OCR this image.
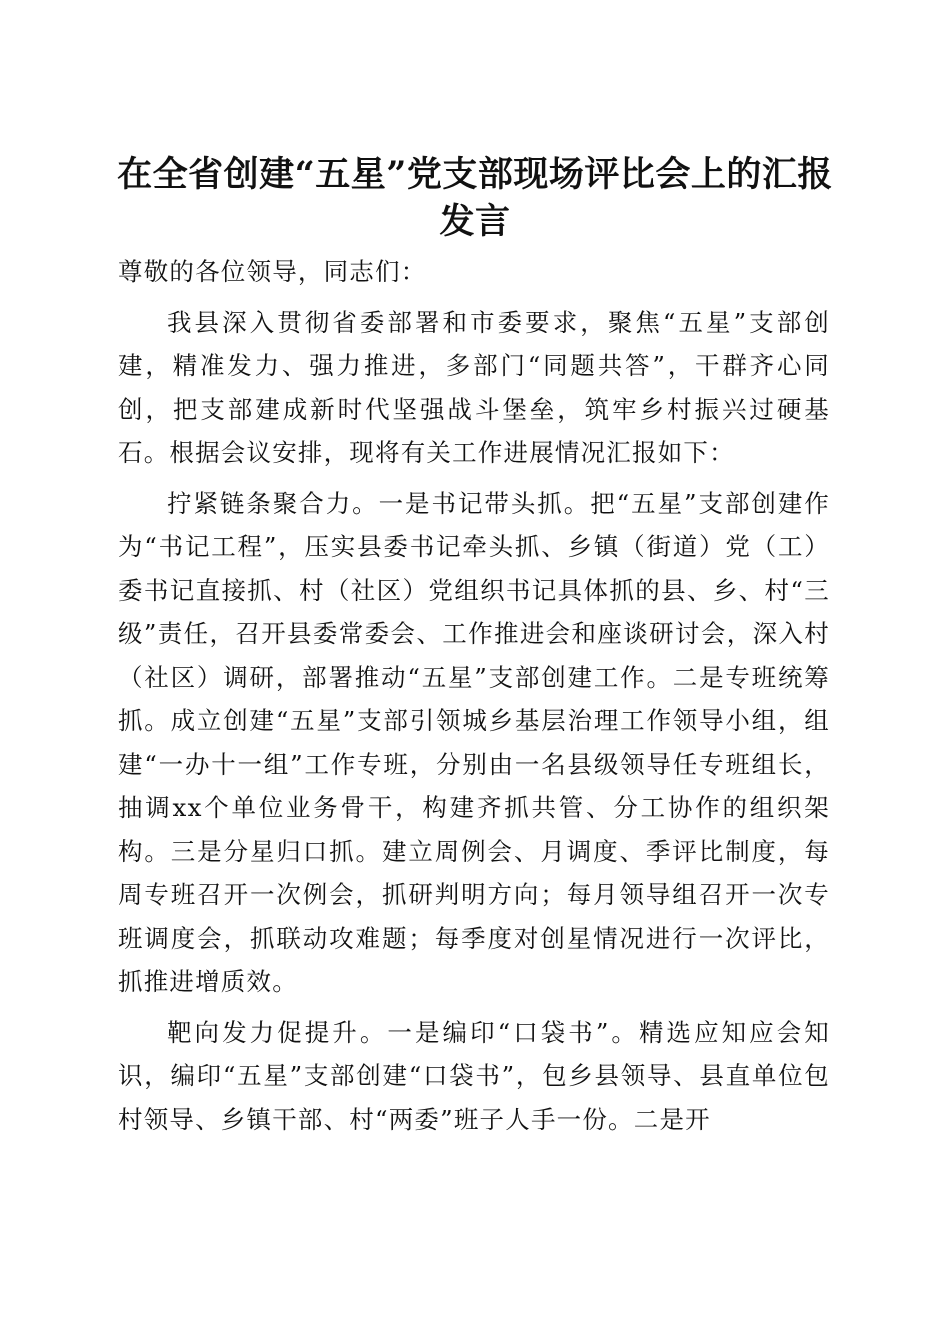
在全省创建“五星”党支部现场评比会上的汇报发言

尊敬的各位领导，同志们：

我县深入贯彻省委部署和市委要求，聚焦“五星”支部创建，精准发力、强力推进，多部门“同题共答”，干群齐心同创，把支部建成新时代坚强战斗堡垒，筑牢乡村振兴过硬基石。根据会议安排，现将有关工作进展情况汇报如下：

拧紧链条聚合力。一是书记带头抓。把“五星”支部创建作为“书记工程”，压实县委书记牵头抓、乡镇（街道）党（工）委书记直接抓、村（社区）党组织书记具体抓的县、乡、村“三级”责任，召开县委常委会、工作推进会和座谈研讨会，深入村（社区）调研，部署推动“五星”支部创建工作。二是专班统筹抓。成立创建“五星”支部引领城乡基层治理工作领导小组，组建“一办十一组”工作专班，分别由一名县级领导任专班组长，抽调xx个单位业务骨干，构建齐抓共管、分工协作的组织架构。三是分星归口抓。建立周例会、月调度、季评比制度，每周专班召开一次例会，抓研判明方向；每月领导组召开一次专班调度会，抓联动攻难题；每季度对创星情况进行一次评比，抓推进增质效。

靶向发力促提升。一是编印“口袋书”。精选应知应会知识，编印“五星”支部创建“口袋书”，包乡县领导、县直单位包村领导、乡镇干部、村“两委”班子人手一份。二是开
